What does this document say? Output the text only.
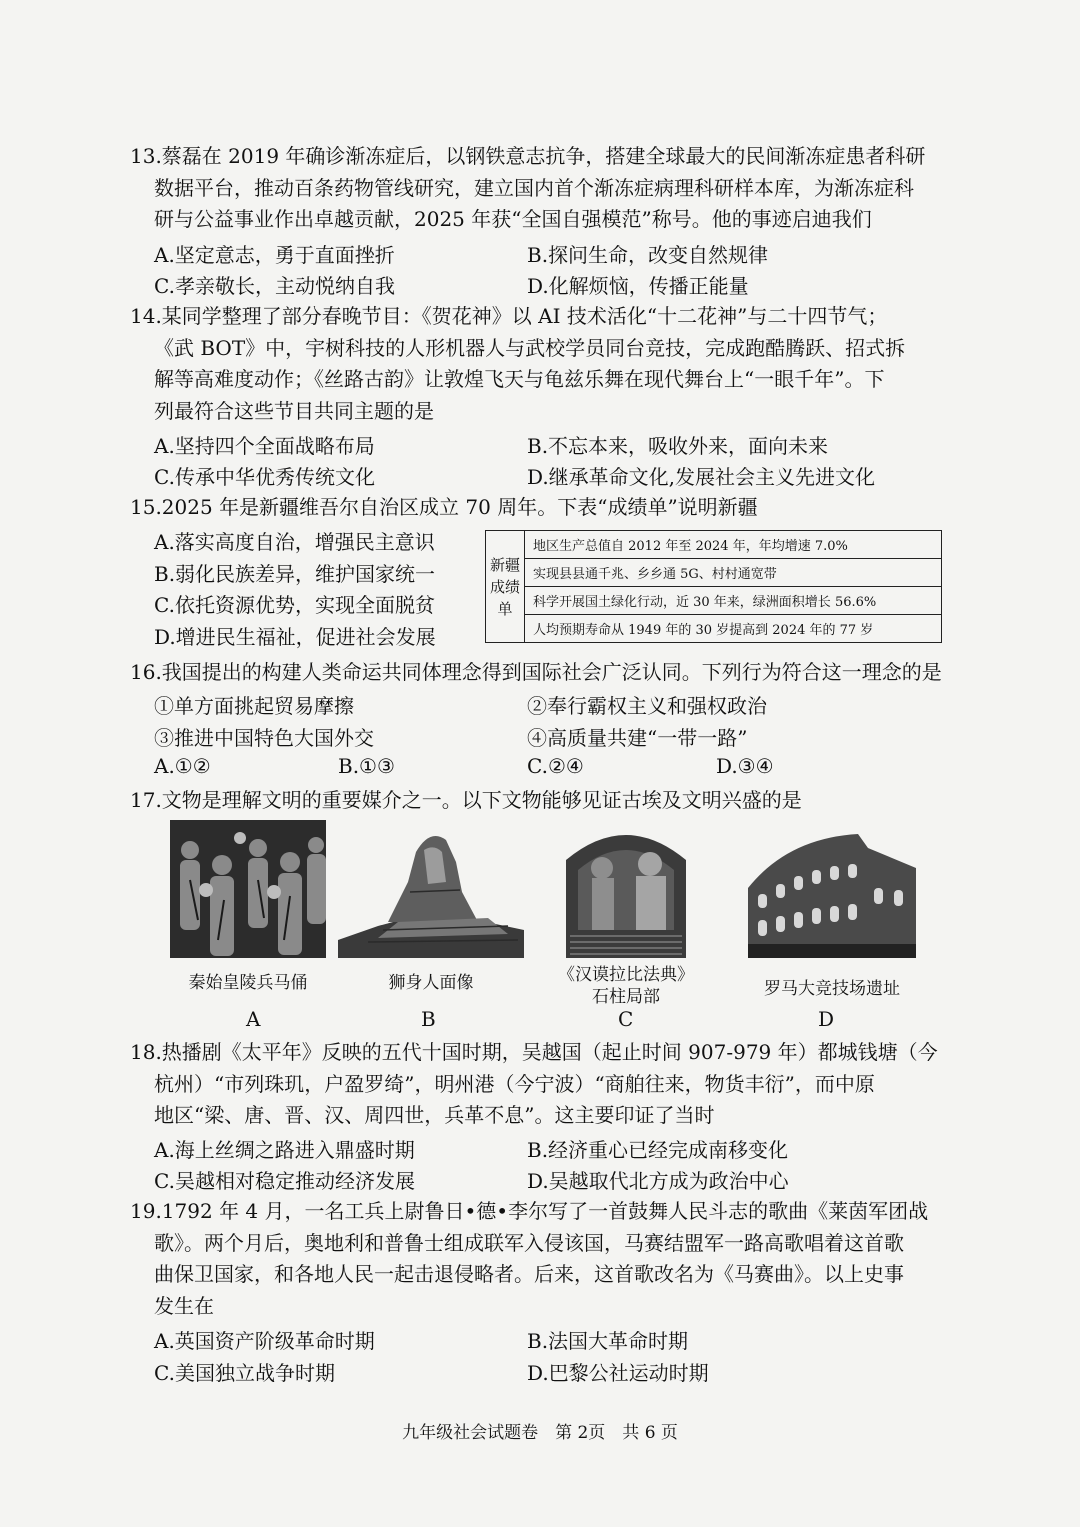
13.蔡磊在 2019 年确诊渐冻症后，以钢铁意志抗争，搭建全球最大的民间渐冻症患者科研

数据平台，推动百条药物管线研究，建立国内首个渐冻症病理科研样本库，为渐冻症科

研与公益事业作出卓越贡献，2025 年获“全国自强模范”称号。他的事迹启迪我们

A.坚定意志，勇于直面挫折	B.探问生命，改变自然规律
C.孝亲敬长，主动悦纳自我	D.化解烦恼，传播正能量

14.某同学整理了部分春晚节目：《贺花神》以 AI 技术活化“十二花神”与二十四节气；

《武 BOT》中，宇树科技的人形机器人与武校学员同台竞技，完成跑酷腾跃、招式拆

解等高难度动作；《丝路古韵》让敦煌飞天与龟兹乐舞在现代舞台上“一眼千年”。下

列最符合这些节目共同主题的是

A.坚持四个全面战略布局	B.不忘本来，吸收外来，面向未来
C.传承中华优秀传统文化	D.继承革命文化,发展社会主义先进文化

15.2025 年是新疆维吾尔自治区成立 70 周年。下表“成绩单”说明新疆

A.落实高度自治，增强民主意识
B.弱化民族差异，维护国家统一
C.依托资源优势，实现全面脱贫
D.增进民生福祉，促进社会发展
新疆
成绩
单
	地区生产总值自 2012 年至 2024 年，年均增速 7.0%
实现县县通千兆、乡乡通 5G、村村通宽带
科学开展国土绿化行动，近 30 年来，绿洲面积增长 56.6%
人均预期寿命从 1949 年的 30 岁提高到 2024 年的 77 岁

16.我国提出的构建人类命运共同体理念得到国际社会广泛认同。下列行为符合这一理念的是

①单方面挑起贸易摩擦	②奉行霸权主义和强权政治
③推进中国特色大国外交	④高质量共建“一带一路”
A.①②	B.①③	C.②④	D.③④

17.文物是理解文明的重要媒介之一。以下文物能够见证古埃及文明兴盛的是

秦始皇陵兵马俑	狮身人面像	《汉谟拉比法典》
石柱局部	罗马大竞技场遗址
A	B	C	D

18.热播剧《太平年》反映的五代十国时期，吴越国（起止时间 907-979 年）都城钱塘（今

杭州）“市列珠玑，户盈罗绮”，明州港（今宁波）“商舶往来，物货丰衍”，而中原

地区“梁、唐、晋、汉、周四世，兵革不息”。这主要印证了当时

A.海上丝绸之路进入鼎盛时期	B.经济重心已经完成南移变化
C.吴越相对稳定推动经济发展	D.吴越取代北方成为政治中心

19.1792 年 4 月，一名工兵上尉鲁日•德•李尔写了一首鼓舞人民斗志的歌曲《莱茵军团战

歌》。两个月后，奥地利和普鲁士组成联军入侵该国，马赛结盟军一路高歌唱着这首歌

曲保卫国家，和各地人民一起击退侵略者。后来，这首歌改名为《马赛曲》。以上史事

发生在

A.英国资产阶级革命时期	B.法国大革命时期
C.美国独立战争时期	D.巴黎公社运动时期
九年级社会试题卷　第 2页　共 6 页
